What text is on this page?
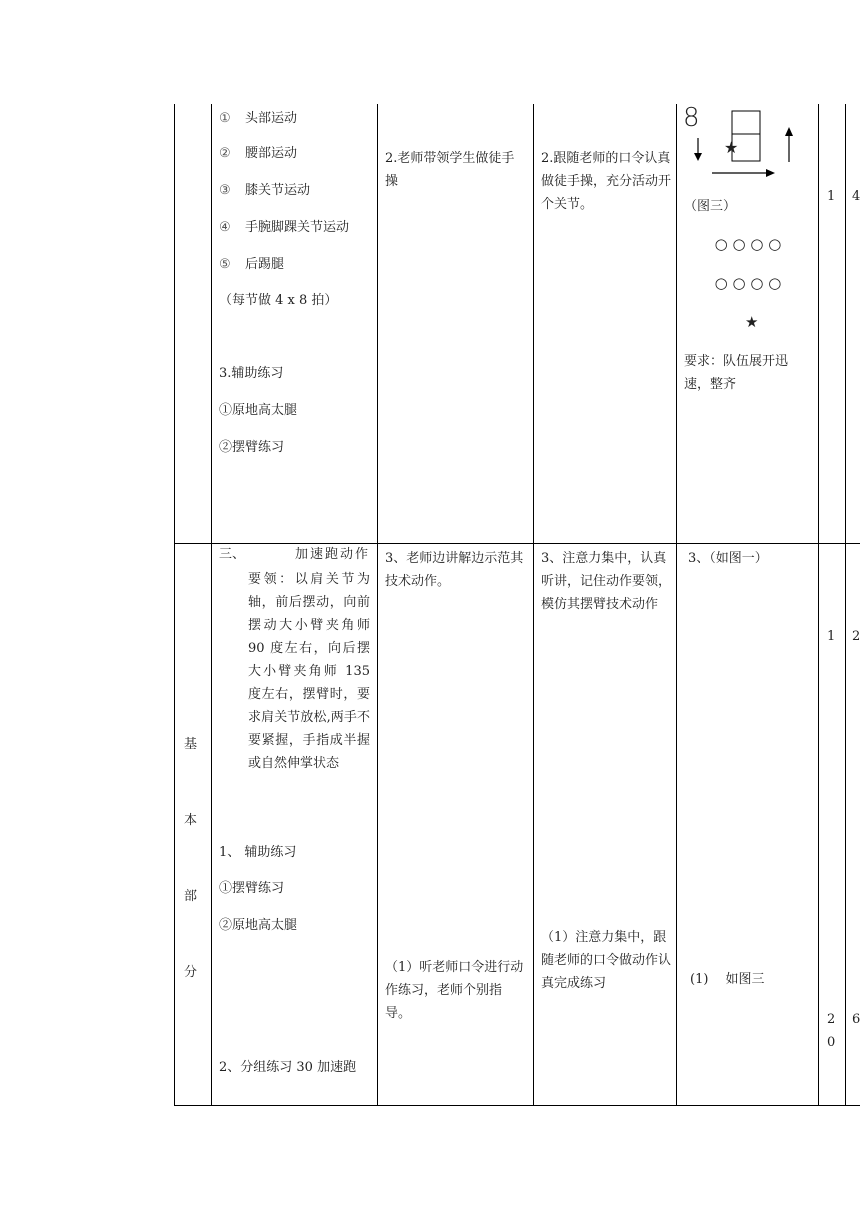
① 头部运动
② 腰部运动
③ 膝关节运动
④ 手腕脚踝关节运动
⑤ 后踢腿
（每节做 4 x 8 拍）
3.辅助练习
①原地高太腿
②摆臂练习
2.老师带领学生做徒手操
2.跟随老师的口令认真做徒手操，充分活动开个关节。
8
★
（图三）
○ ○ ○ ○
○ ○ ○ ○
★
要求：队伍展开迅速，整齐
1 4
基
本
部
分
三、	加速跑动作
要领：以肩关节为轴，前后摆动，向前摆动大小臂夹角师 90 度左右，向后摆大小臂夹角师 135 度左右，摆臂时，要求肩关节放松,两手不要紧握，手指成半握或自然伸掌状态
1、 辅助练习
①摆臂练习
②原地高太腿
2、分组练习 30 加速跑
3、老师边讲解边示范其技术动作。
（1）听老师口令进行动作练习，老师个别指导。
3、注意力集中，认真听讲，记住动作要领，模仿其摆臂技术动作
（1）注意力集中，跟随老师的口令做动作认真完成练习
3、（如图一）
(1)　 如图三
1 2
2
0
6
